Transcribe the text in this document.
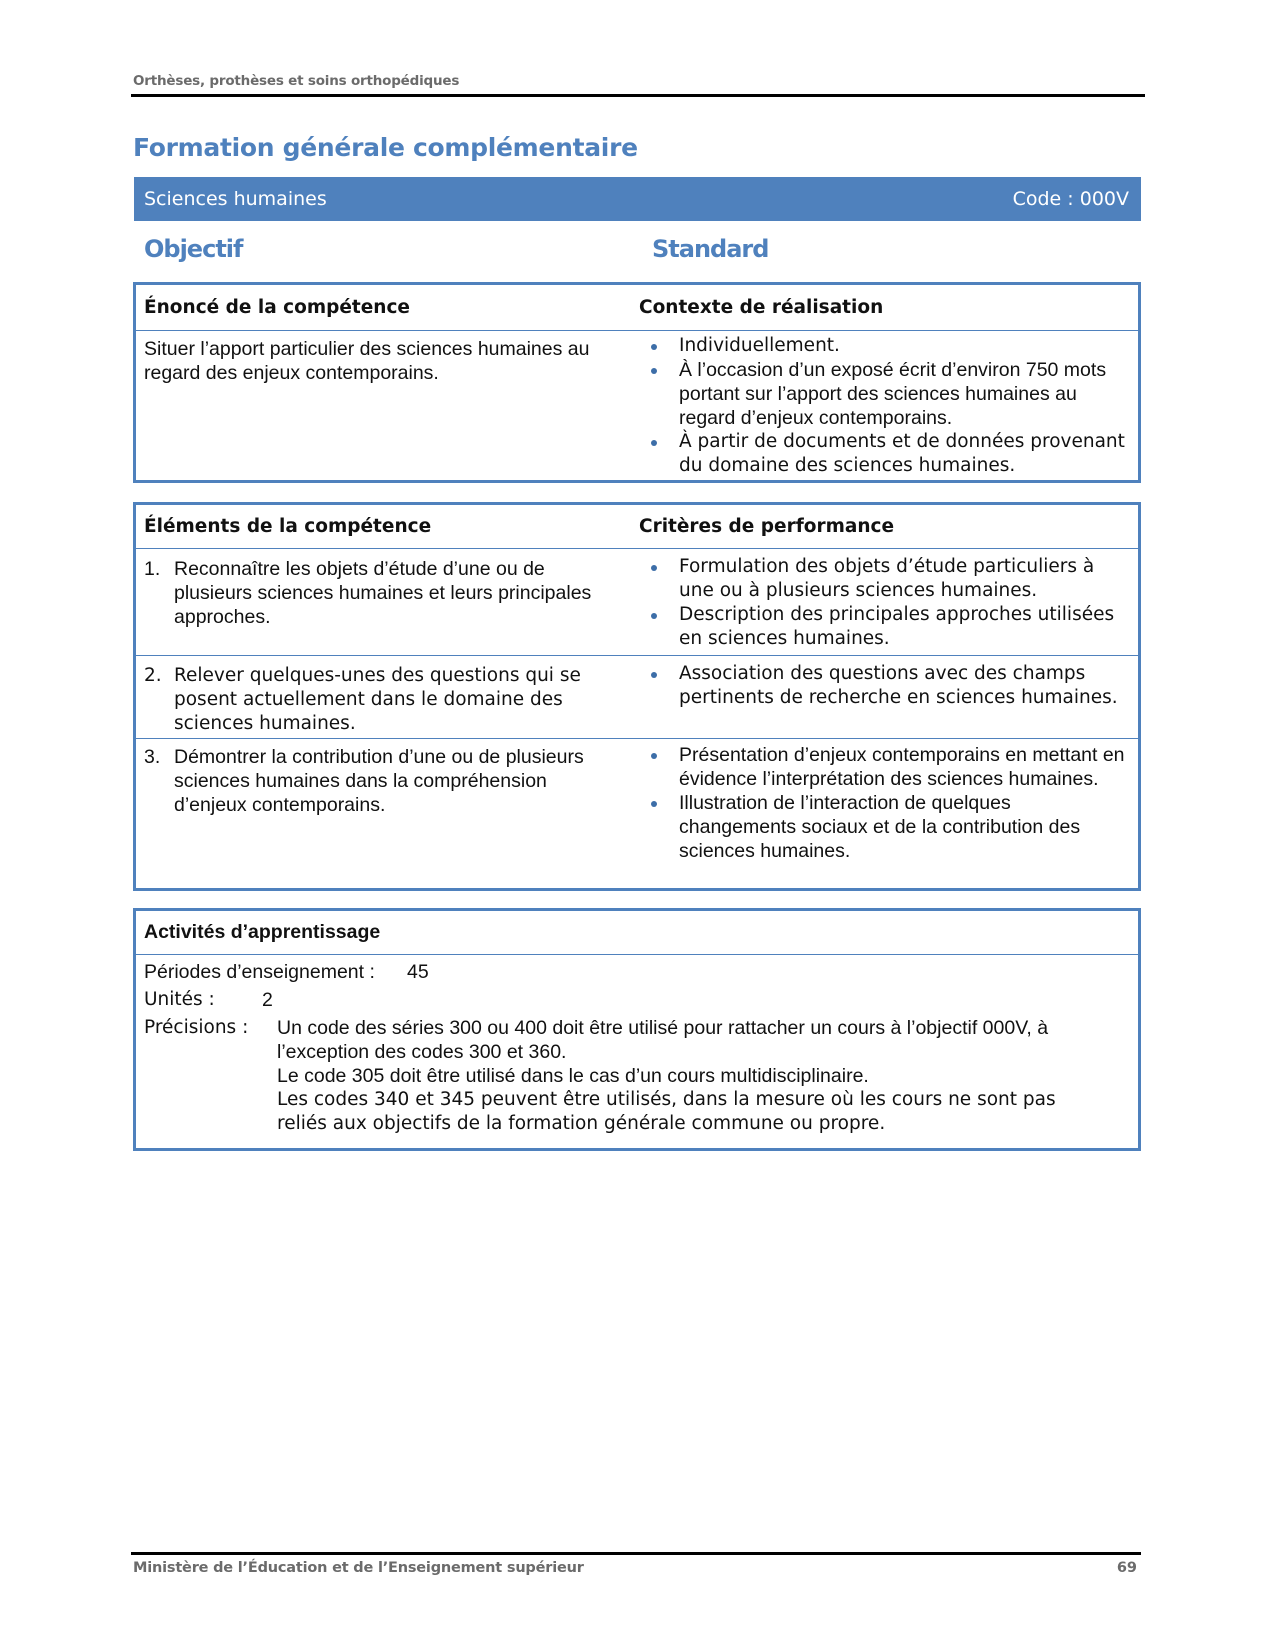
Orthèses, prothèses et soins orthopédiques
Formation générale complémentaire
Sciences humaines	Code : 000V
Objectif	Standard
Énoncé de la compétence	Contexte de réalisation
Situer l’apport particulier des sciences humaines au regard des enjeux contemporains.
Individuellement.
À l’occasion d’un exposé écrit d’environ 750 mots portant sur l’apport des sciences humaines au regard d’enjeux contemporains.
À partir de documents et de données provenant du domaine des sciences humaines.
Éléments de la compétence	Critères de performance
1. Reconnaître les objets d’étude d’une ou de plusieurs sciences humaines et leurs principales approches.
Formulation des objets d’étude particuliers à une ou à plusieurs sciences humaines.
Description des principales approches utilisées en sciences humaines.
2. Relever quelques-unes des questions qui se posent actuellement dans le domaine des sciences humaines.
Association des questions avec des champs pertinents de recherche en sciences humaines.
3. Démontrer la contribution d’une ou de plusieurs sciences humaines dans la compréhension d’enjeux contemporains.
Présentation d’enjeux contemporains en mettant en évidence l’interprétation des sciences humaines.
Illustration de l’interaction de quelques changements sociaux et de la contribution des sciences humaines.
Activités d’apprentissage
Périodes d’enseignement :	45
Unités :	2
Précisions :	Un code des séries 300 ou 400 doit être utilisé pour rattacher un cours à l’objectif 000V, à l’exception des codes 300 et 360.
Le code 305 doit être utilisé dans le cas d’un cours multidisciplinaire.
Les codes 340 et 345 peuvent être utilisés, dans la mesure où les cours ne sont pas reliés aux objectifs de la formation générale commune ou propre.
Ministère de l’Éducation et de l’Enseignement supérieur	69
